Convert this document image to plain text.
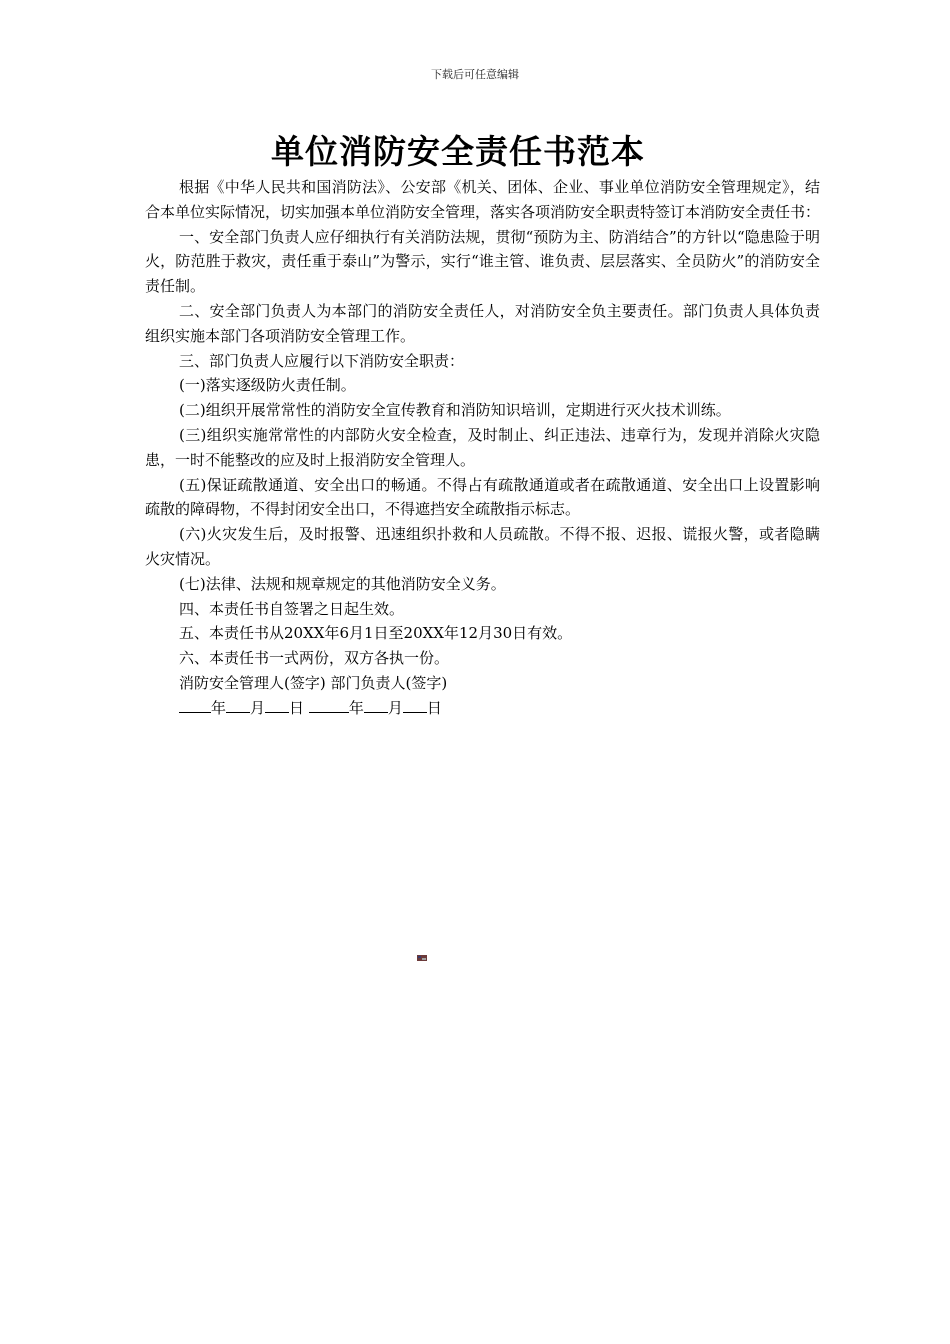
下载后可任意编辑
单位消防安全责任书范本

根据《中华人民共和国消防法》、公安部《机关、团体、企业、事业单位消防安全管理规定》，结合本单位实际情况，切实加强本单位消防安全管理，落实各项消防安全职责特签订本消防安全责任书：

一、安全部门负责人应仔细执行有关消防法规，贯彻“预防为主、防消结合”的方针以“隐患险于明火，防范胜于救灾，责任重于泰山”为警示，实行“谁主管、谁负责、层层落实、全员防火”的消防安全责任制。

二、安全部门负责人为本部门的消防安全责任人，对消防安全负主要责任。部门负责人具体负责组织实施本部门各项消防安全管理工作。

三、部门负责人应履行以下消防安全职责：

(一)落实逐级防火责任制。

(二)组织开展常常性的消防安全宣传教育和消防知识培训，定期进行灭火技术训练。

(三)组织实施常常性的内部防火安全检查，及时制止、纠正违法、违章行为，发现并消除火灾隐患，一时不能整改的应及时上报消防安全管理人。

(五)保证疏散通道、安全出口的畅通。不得占有疏散通道或者在疏散通道、安全出口上设置影响疏散的障碍物，不得封闭安全出口，不得遮挡安全疏散指示标志。

(六)火灾发生后，及时报警、迅速组织扑救和人员疏散。不得不报、迟报、谎报火警，或者隐瞒火灾情况。

(七)法律、法规和规章规定的其他消防安全义务。

四、本责任书自签署之日起生效。

五、本责任书从20XX年6月1日至20XX年12月30日有效。

六、本责任书一式两份，双方各执一份。

消防安全管理人(签字) 部门负责人(签字)

年 月 日	年 月 日
